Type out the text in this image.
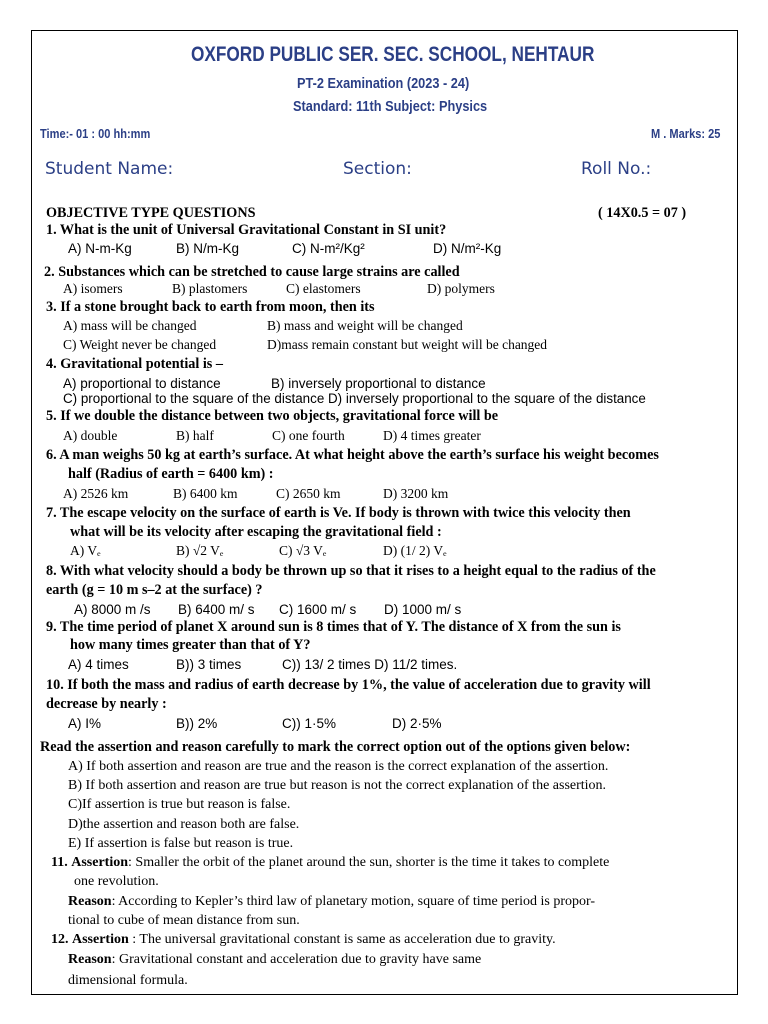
OXFORD PUBLIC SER. SEC. SCHOOL, NEHTAUR
PT-2 Examination (2023 - 24)
Standard: 11th Subject: Physics
Time:- 01 : 00 hh:mm	M . Marks: 25
Student Name:	Section:	Roll No.:
OBJECTIVE TYPE QUESTIONS	( 14X0.5 = 07 )
1. What is the unit of Universal Gravitational Constant in SI unit?
A) N-m-Kg	B) N/m-Kg	C) N-m²/Kg²	D) N/m²-Kg
2. Substances which can be stretched to cause large strains are called
A) isomers	B) plastomers	C) elastomers	D) polymers
3. If a stone brought back to earth from moon, then its
A) mass will be changed	B) mass and weight will be changed
C) Weight never be changed	D)mass remain constant but weight will be changed
4. Gravitational potential is –
A) proportional to distance	B) inversely proportional to distance
C) proportional to the square of the distance D) inversely proportional to the square of the distance
5. If we double the distance between two objects, gravitational force will be
A) double	B) half	C) one fourth	D) 4 times greater
6. A man weighs 50 kg at earth’s surface. At what height above the earth’s surface his weight becomes
half (Radius of earth = 6400 km) :
A) 2526 km	B) 6400 km	C) 2650 km	D) 3200 km
7. The escape velocity on the surface of earth is Ve. If body is thrown with twice this velocity then
what will be its velocity after escaping the gravitational field :
A) Vₑ	B) √2 Vₑ	C) √3 Vₑ	D) (1/ 2) Vₑ
8. With what velocity should a body be thrown up so that it rises to a height equal to the radius of the
earth (g = 10 m s–2 at the surface) ?
A) 8000 m /s B) 6400 m/ s C) 1600 m/ s D) 1000 m/ s
9. The time period of planet X around sun is 8 times that of Y. The distance of X from the sun is
how many times greater than that of Y?
A) 4 times	B)) 3 times	C)) 13/ 2 times D) 11/2 times.
10. If both the mass and radius of earth decrease by 1%, the value of acceleration due to gravity will
decrease by nearly :
A) I%	B)) 2%	C)) 1·5%	D) 2·5%
Read the assertion and reason carefully to mark the correct option out of the options given below:
A) If both assertion and reason are true and the reason is the correct explanation of the assertion.
B) If both assertion and reason are true but reason is not the correct explanation of the assertion.
C)If assertion is true but reason is false.
D)the assertion and reason both are false.
E) If assertion is false but reason is true.
11. Assertion: Smaller the orbit of the planet around the sun, shorter is the time it takes to complete
one revolution.
Reason: According to Kepler’s third law of planetary motion, square of time period is propor-
tional to cube of mean distance from sun.
12. Assertion : The universal gravitational constant is same as acceleration due to gravity.
Reason: Gravitational constant and acceleration due to gravity have same
dimensional formula.
